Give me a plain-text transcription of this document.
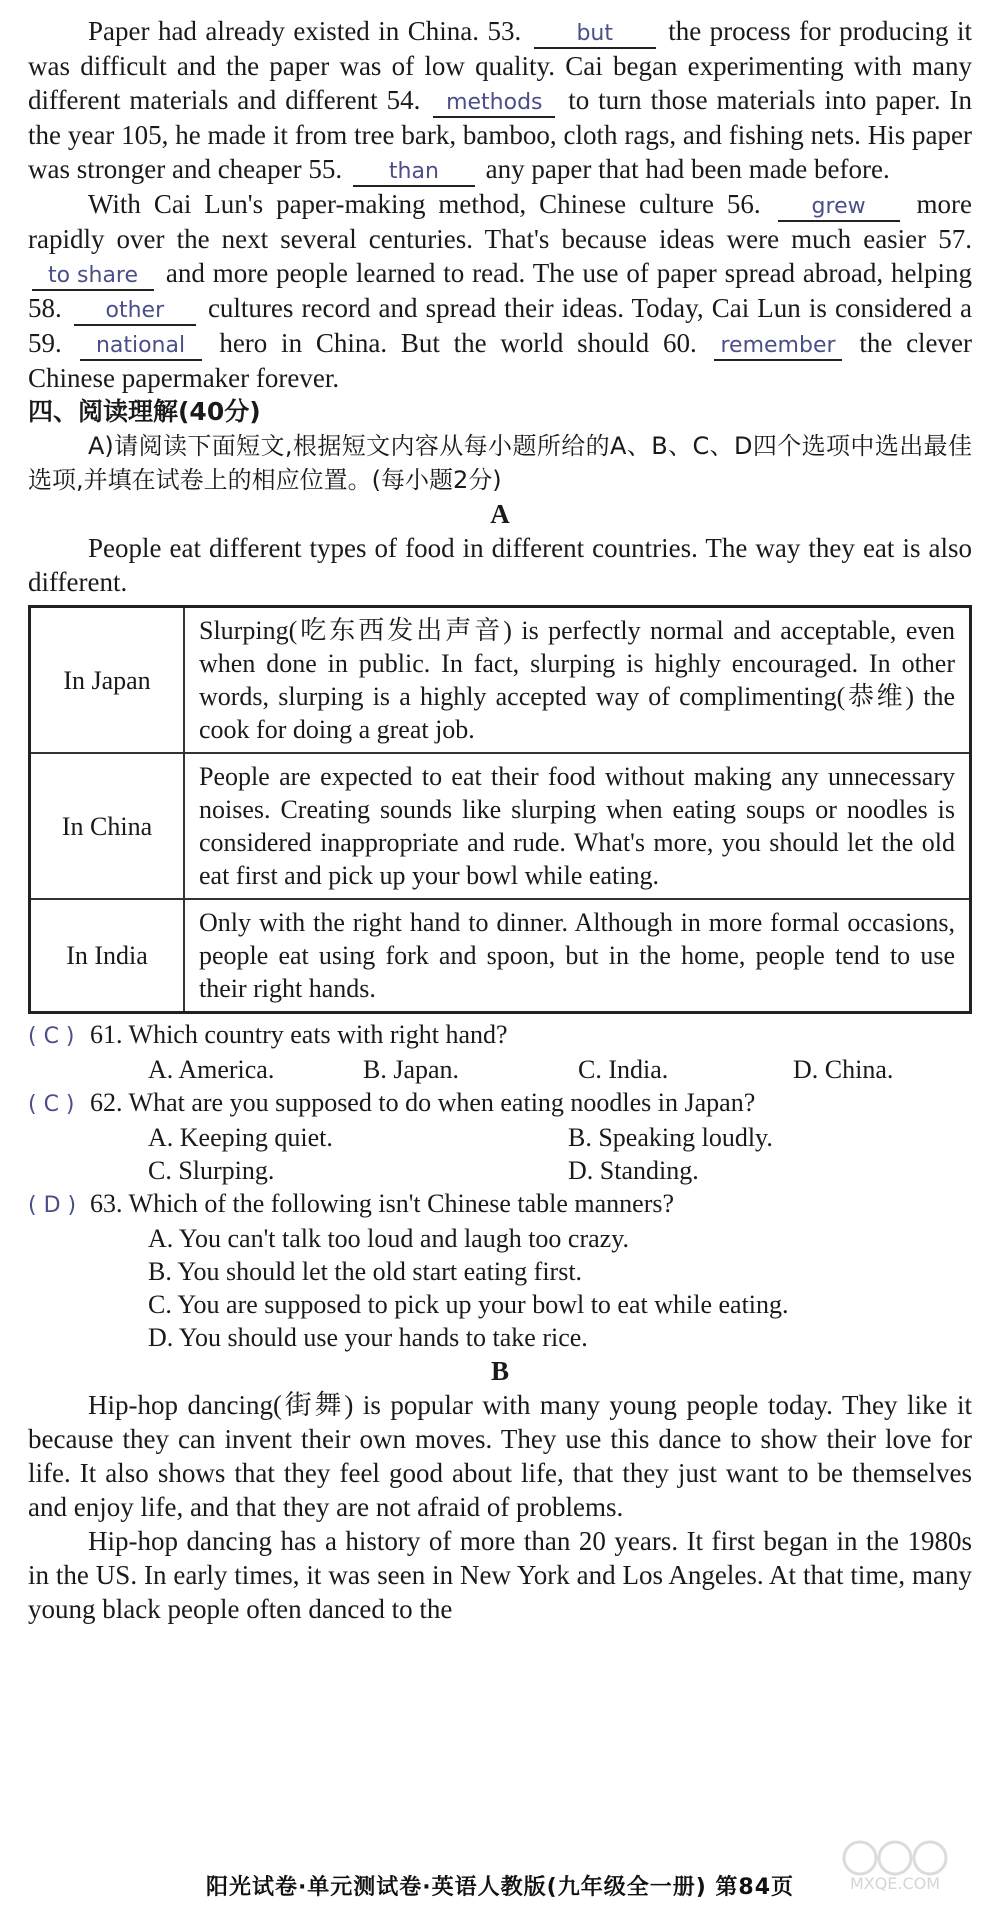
Paper had already existed in China. 53.	but the process for producing it was difficult and the paper was of low quality. Cai began experimenting with many different materials and different 54. methods to turn those materials into paper. In the year 105, he made it from tree bark, bamboo, cloth rags, and fishing nets. His paper was stronger and cheaper 55. than any paper that had been made before.

With Cai Lun's paper-making method, Chinese culture 56. grew more rapidly over the next several centuries. That's because ideas were much easier 57. to share and more people learned to read. The use of paper spread abroad, helping 58. other cultures record and spread their ideas. Today, Cai Lun is considered a 59. national hero in China. But the world should 60. remember the clever Chinese papermaker forever.

四、阅读理解(40分)

A)请阅读下面短文,根据短文内容从每小题所给的A、B、C、D四个选项中选出最佳选项,并填在试卷上的相应位置。(每小题2分)

A

People eat different types of food in different countries. The way they eat is also different.

In Japan	Slurping(吃东西发出声音) is perfectly normal and acceptable, even when done in public. In fact, slurping is highly encouraged. In other words, slurping is a highly accepted way of complimenting(恭维) the cook for doing a great job.
In China	People are expected to eat their food without making any unnecessary noises. Creating sounds like slurping when eating soups or noodles is considered inappropriate and rude. What's more, you should let the old eat first and pick up your bowl while eating.
In India	Only with the right hand to dinner. Although in more formal occasions, people eat using fork and spoon, but in the home, people tend to use their right hands.
( C ) 61. Which country eats with right hand?
A. America.	B. Japan.	C. India.	D. China.
( C ) 62. What are you supposed to do when eating noodles in Japan?
A. Keeping quiet.	B. Speaking loudly.
C. Slurping.	D. Standing.
( D ) 63. Which of the following isn't Chinese table manners?
A. You can't talk too loud and laugh too crazy.
B. You should let the old start eating first.
C. You are supposed to pick up your bowl to eat while eating.
D. You should use your hands to take rice.

B

Hip-hop dancing(街舞) is popular with many young people today. They like it because they can invent their own moves. They use this dance to show their love for life. It also shows that they feel good about life, that they just want to be themselves and enjoy life, and that they are not afraid of problems.

Hip-hop dancing has a history of more than 20 years. It first began in the 1980s in the US. In early times, it was seen in New York and Los Angeles. At that time, many young black people often danced to the

阳光试卷·单元测试卷·英语人教版(九年级全一册) 第84页	MXQE.COM
